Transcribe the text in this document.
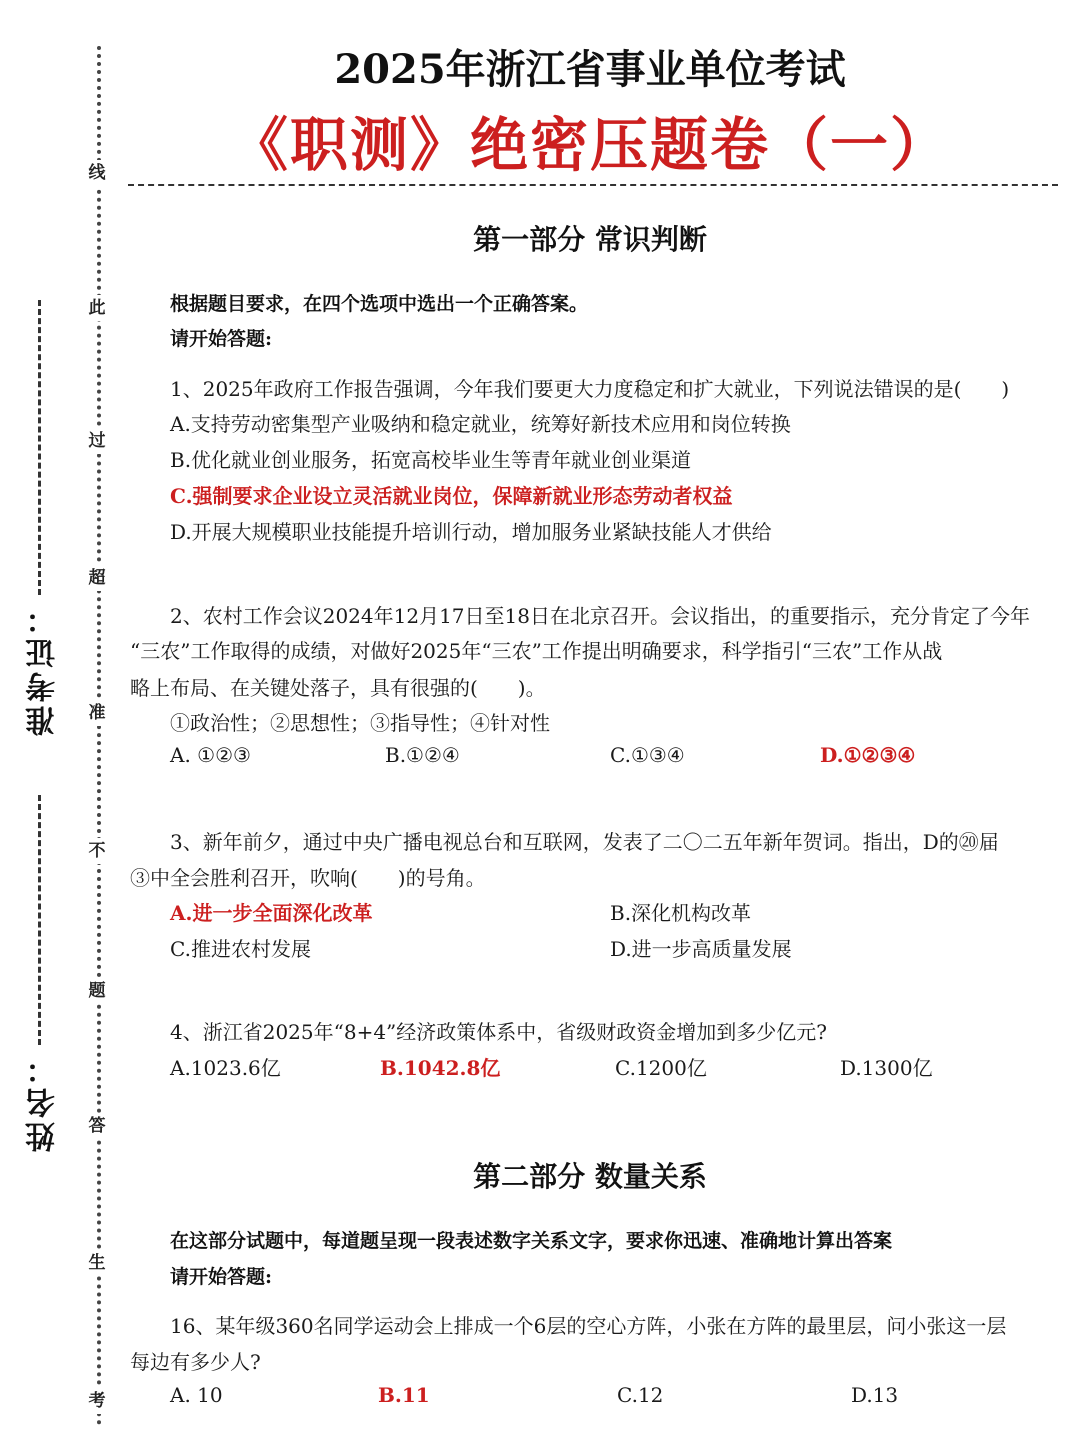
线
此
过
超
准
不
题
答
生
考
准考证：
姓名：
2025年浙江省事业单位考试
《职测》绝密压题卷（一）
第一部分 常识判断
根据题目要求，在四个选项中选出一个正确答案。
请开始答题:
1、2025年政府工作报告强调，今年我们要更大力度稳定和扩大就业，下列说法错误的是(　　)
A.支持劳动密集型产业吸纳和稳定就业，统筹好新技术应用和岗位转换
B.优化就业创业服务，拓宽高校毕业生等青年就业创业渠道
C.强制要求企业设立灵活就业岗位，保障新就业形态劳动者权益
D.开展大规模职业技能提升培训行动，增加服务业紧缺技能人才供给
2、农村工作会议2024年12月17日至18日在北京召开。会议指出，的重要指示，充分肯定了今年
“三农”工作取得的成绩，对做好2025年“三农”工作提出明确要求，科学指引“三农”工作从战
略上布局、在关键处落子，具有很强的(　　)。
①政治性；②思想性；③指导性；④针对性
A. ①②③	B.①②④	C.①③④	D.①②③④
3、新年前夕，通过中央广播电视总台和互联网，发表了二〇二五年新年贺词。指出，D的⑳届
③中全会胜利召开，吹响(　　)的号角。
A.进一步全面深化改革	B.深化机构改革
C.推进农村发展	D.进一步高质量发展
4、浙江省2025年“8+4”经济政策体系中，省级财政资金增加到多少亿元?
A.1023.6亿	B.1042.8亿	C.1200亿	D.1300亿
第二部分 数量关系
在这部分试题中，每道题呈现一段表述数字关系文字，要求你迅速、准确地计算出答案
请开始答题:
16、某年级360名同学运动会上排成一个6层的空心方阵，小张在方阵的最里层，问小张这一层
每边有多少人?
A. 10	B.11	C.12	D.13
